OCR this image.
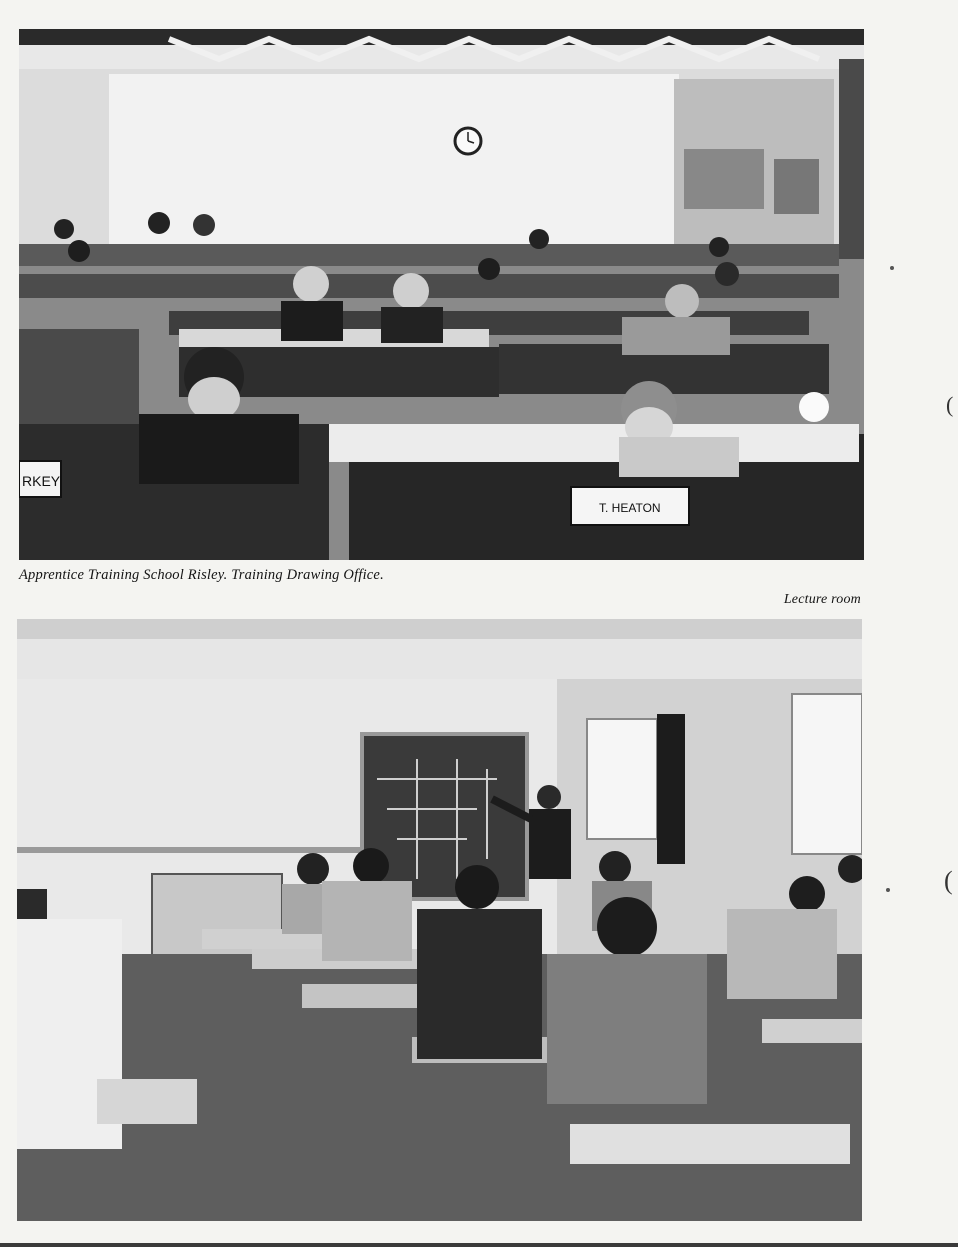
RKEY
T. HEATON
Apprentice Training School Risley. Training Drawing Office.
Lecture room
(
(
